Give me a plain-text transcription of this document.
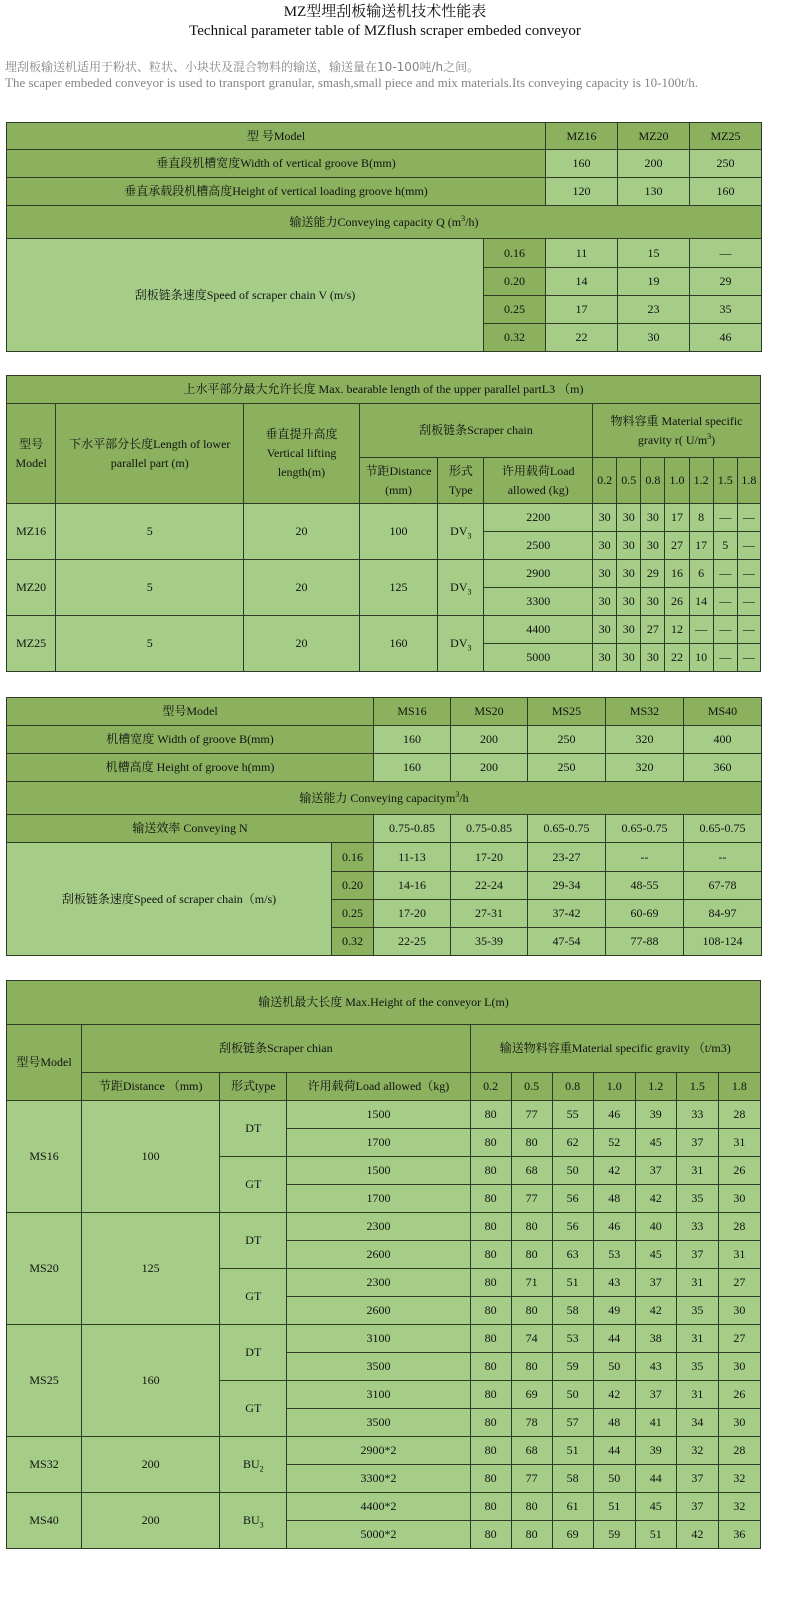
MZ型埋刮板输送机技术性能表
Technical parameter table of MZflush scraper embeded conveyor
埋刮板输送机适用于粉状、粒状、小块状及混合物料的输送，输送量在10-100吨/h之间。
The scaper embeded conveyor is used to transport granular, smash,small piece and mix materials.Its conveying capacity is 10-100t/h.
型 号Model		MZ16	MZ20	MZ25
垂直段机槽宽度Width of vertical groove B(mm)		160	200	250
垂直承载段机槽高度Height of vertical loading groove h(mm)		120	130	160
输送能力Conveying capacity Q $(m^3/h)$				
刮板链条速度Speed of scraper chain V (m/s)	0.16	11	15	—
	0.20	14	19	29
	0.25	17	23	35
	0.32	22	30	46
上水平部分最大允许长度 Max. bearable length of the upper parallel partL3 （m)												
型号Model	下水平部分长度Length of lower parallel part (m)	垂直提升高度 Vertical lifting length(m)	刮板链条Scraper chain			物料容重 Material specific gravity r( $U/m^3$)						
			节距Distance (mm)	形式Type	许用载荷Load allowed (kg)	0.2	0.5	0.8	1.0	1.2	1.5	1.8
MZ16	5	20	100	$DV_3$	2200	30	30	30	17	8	—	—
					2500	30	30	30	27	17	5	—
MZ20	5	20	125	$DV_3$	2900	30	30	29	16	6	—	—
					3300	30	30	30	26	14	—	—
MZ25	5	20	160	$DV_3$	4400	30	30	27	12	—	—	—
					5000	30	30	30	22	10	—	—
型号Model		MS16	MS20	MS25	MS32	MS40
机槽宽度 Width of groove B(mm)		160	200	250	320	400
机槽高度 Height of groove h(mm)		160	200	250	320	360
输送能力 Conveying capacitym$^3$/h						
输送效率 Conveying N		0.75-0.85	0.75-0.85	0.65-0.75	0.65-0.75	0.65-0.75
刮板链条速度Speed of scraper chain（m/s)	0.16	11-13	17-20	23-27	--	--
	0.20	14-16	22-24	29-34	48-55	67-78
	0.25	17-20	27-31	37-42	60-69	84-97
	0.32	22-25	35-39	47-54	77-88	108-124
输送机最大长度 Max.Height of the conveyor L(m)										
型号Model	刮板链条Scraper chian			输送物料容重Material specific gravity （t/m3)						
	节距Distance （mm)	形式type	许用载荷Load allowed（kg)	0.2	0.5	0.8	1.0	1.2	1.5	1.8
MS16	100	DT	1500	80	77	55	46	39	33	28
			1700	80	80	62	52	45	37	31
		GT	1500	80	68	50	42	37	31	26
			1700	80	77	56	48	42	35	30
MS20	125	DT	2300	80	80	56	46	40	33	28
			2600	80	80	63	53	45	37	31
		GT	2300	80	71	51	43	37	31	27
			2600	80	80	58	49	42	35	30
MS25	160	DT	3100	80	74	53	44	38	31	27
			3500	80	80	59	50	43	35	30
		GT	3100	80	69	50	42	37	31	26
			3500	80	78	57	48	41	34	30
MS32	200	$BU_2$	2900*2	80	68	51	44	39	32	28
			3300*2	80	77	58	50	44	37	32
MS40	200	$BU_3$	4400*2	80	80	61	51	45	37	32
			5000*2	80	80	69	59	51	42	36
